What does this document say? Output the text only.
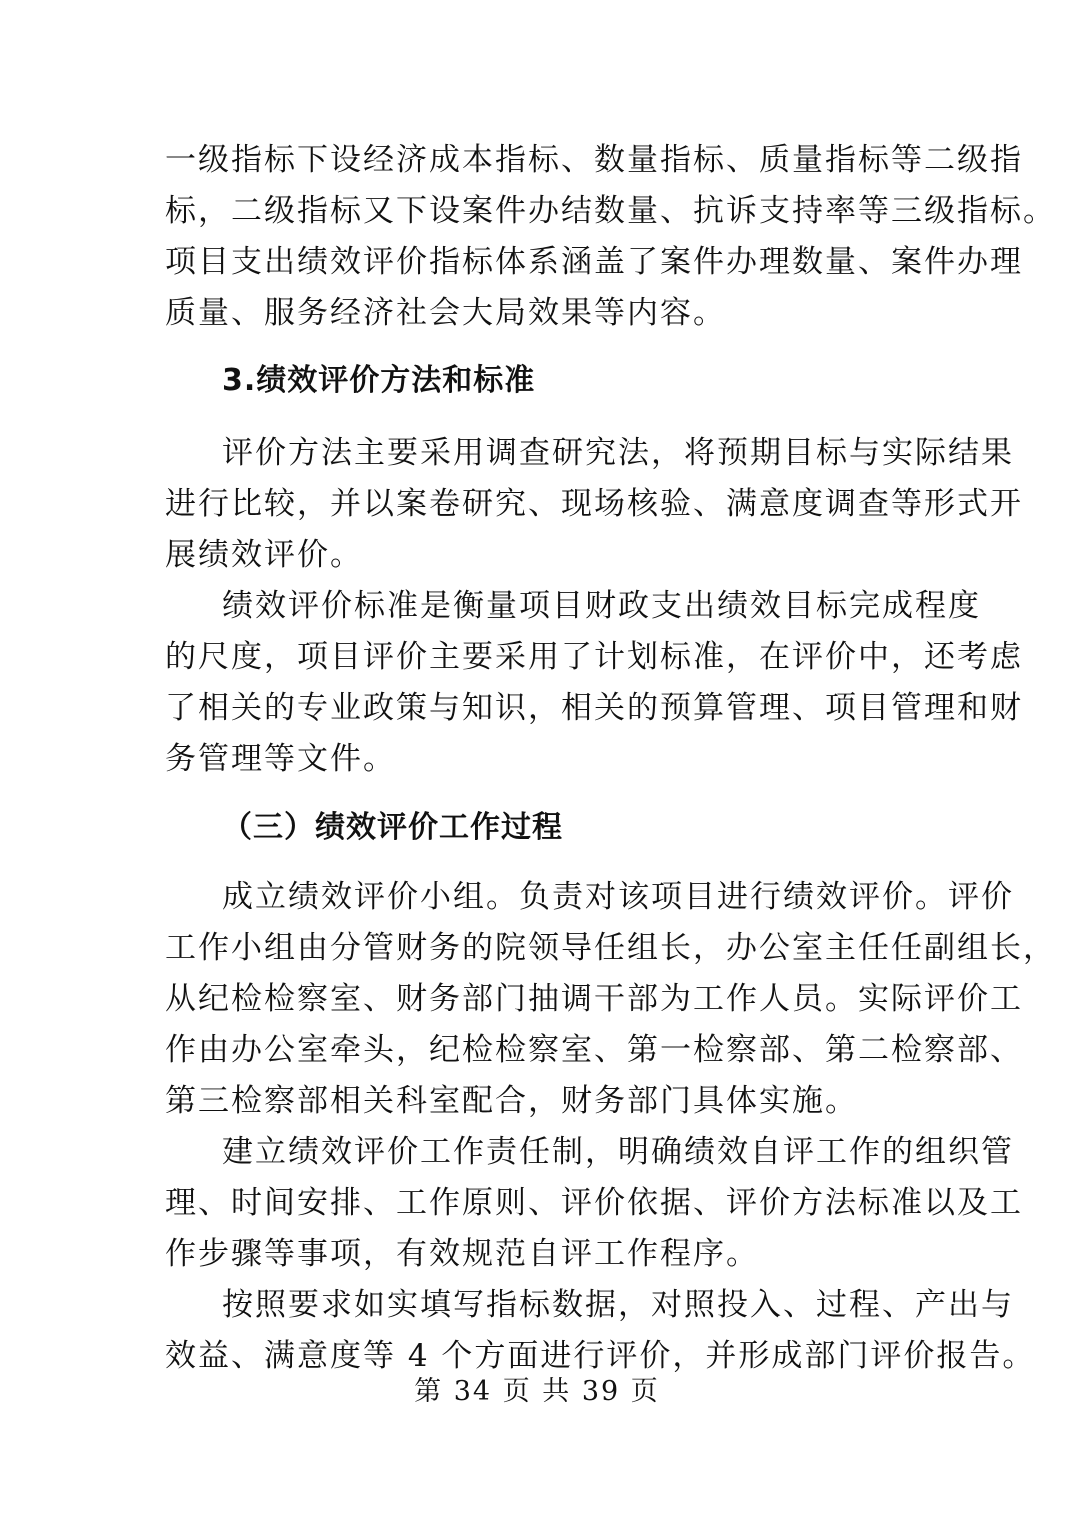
一级指标下设经济成本指标、数量指标、质量指标等二级指
标，二级指标又下设案件办结数量、抗诉支持率等三级指标。
项目支出绩效评价指标体系涵盖了案件办理数量、案件办理
质量、服务经济社会大局效果等内容。
3.绩效评价方法和标准
评价方法主要采用调查研究法，将预期目标与实际结果
进行比较，并以案卷研究、现场核验、满意度调查等形式开
展绩效评价。
绩效评价标准是衡量项目财政支出绩效目标完成程度
的尺度，项目评价主要采用了计划标准，在评价中，还考虑
了相关的专业政策与知识，相关的预算管理、项目管理和财
务管理等文件。
（三）绩效评价工作过程
成立绩效评价小组。负责对该项目进行绩效评价。评价
工作小组由分管财务的院领导任组长，办公室主任任副组长，
从纪检检察室、财务部门抽调干部为工作人员。实际评价工
作由办公室牵头，纪检检察室、第一检察部、第二检察部、
第三检察部相关科室配合，财务部门具体实施。
建立绩效评价工作责任制，明确绩效自评工作的组织管
理、时间安排、工作原则、评价依据、评价方法标准以及工
作步骤等事项，有效规范自评工作程序。
按照要求如实填写指标数据，对照投入、过程、产出与
效益、满意度等 4 个方面进行评价，并形成部门评价报告。
第 34 页 共 39 页
